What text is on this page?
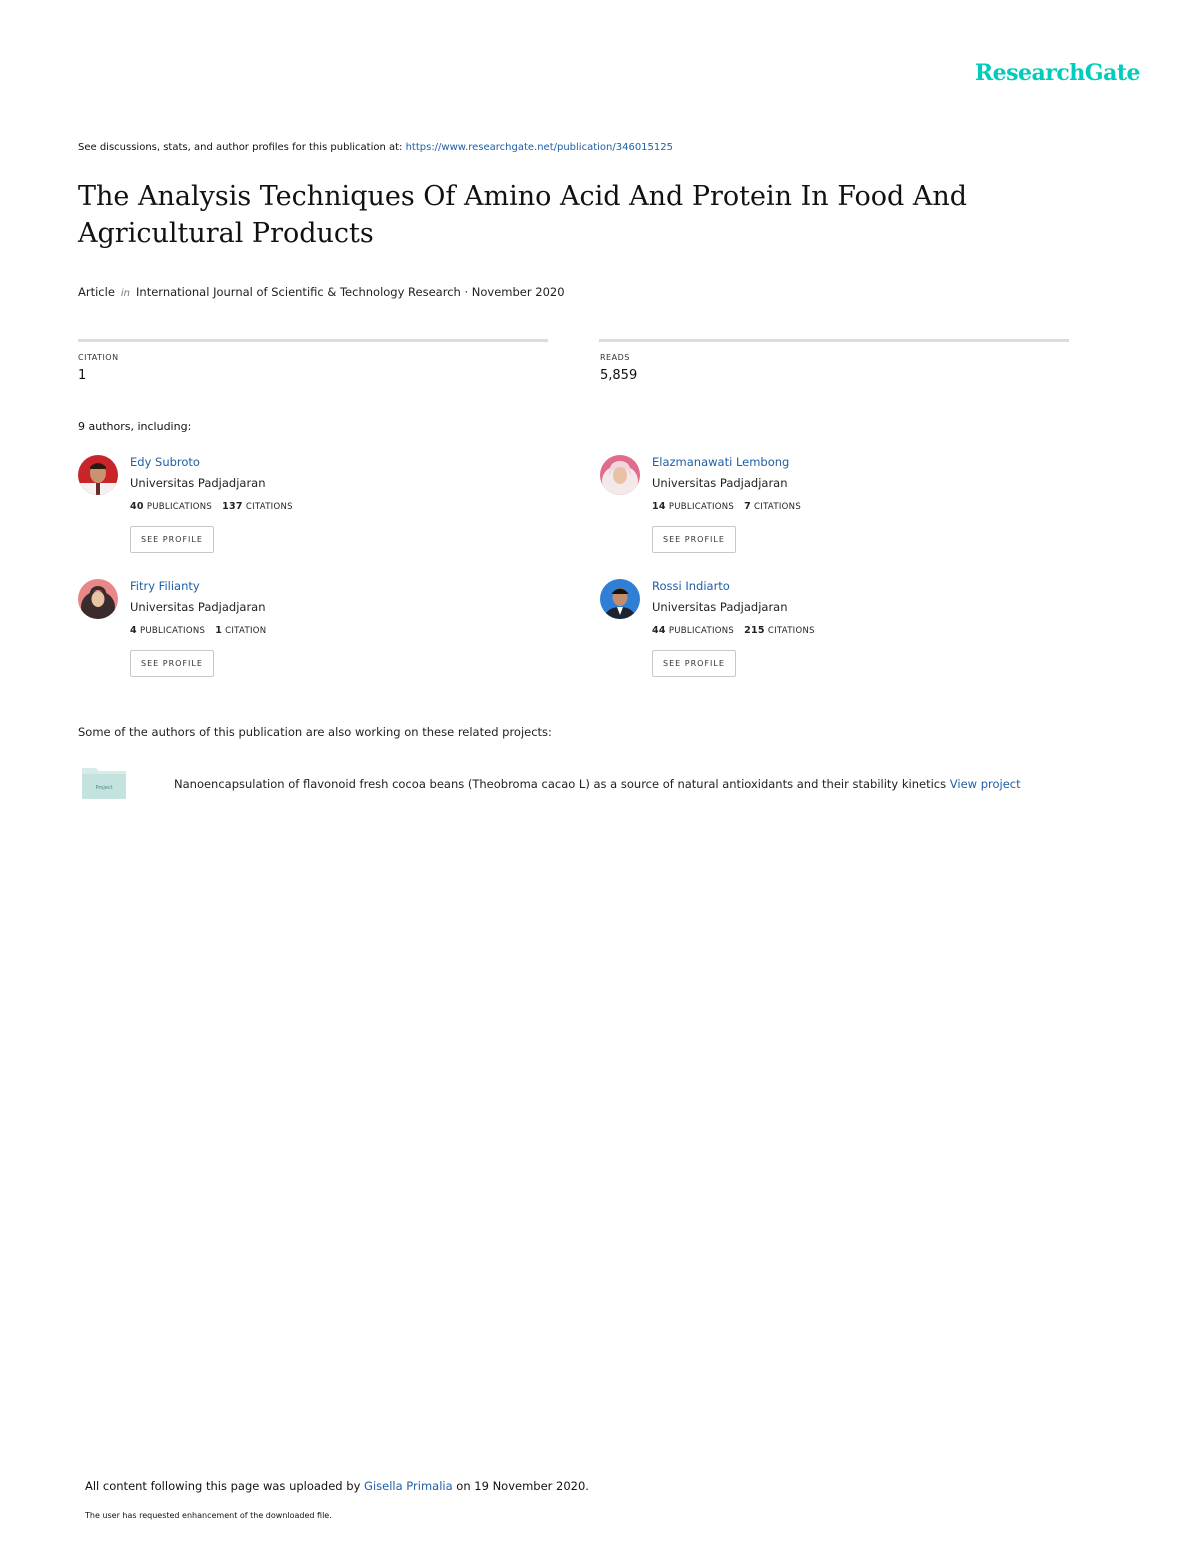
ResearchGate
See discussions, stats, and author profiles for this publication at: https://www.researchgate.net/publication/346015125
The Analysis Techniques Of Amino Acid And Protein In Food And Agricultural Products
Article in International Journal of Scientific & Technology Research · November 2020
CITATION
1
READS
5,859
9 authors, including:
Edy Subroto
Universitas Padjadjaran
40 PUBLICATIONS 137 CITATIONS
SEE PROFILE
Elazmanawati Lembong
Universitas Padjadjaran
14 PUBLICATIONS 7 CITATIONS
SEE PROFILE
Fitry Filianty
Universitas Padjadjaran
4 PUBLICATIONS 1 CITATION
SEE PROFILE
Rossi Indiarto
Universitas Padjadjaran
44 PUBLICATIONS 215 CITATIONS
SEE PROFILE
Some of the authors of this publication are also working on these related projects:
Project	Nanoencapsulation of flavonoid fresh cocoa beans (Theobroma cacao L) as a source of natural antioxidants and their stability kinetics View project
All content following this page was uploaded by Gisella Primalia on 19 November 2020.
The user has requested enhancement of the downloaded file.
